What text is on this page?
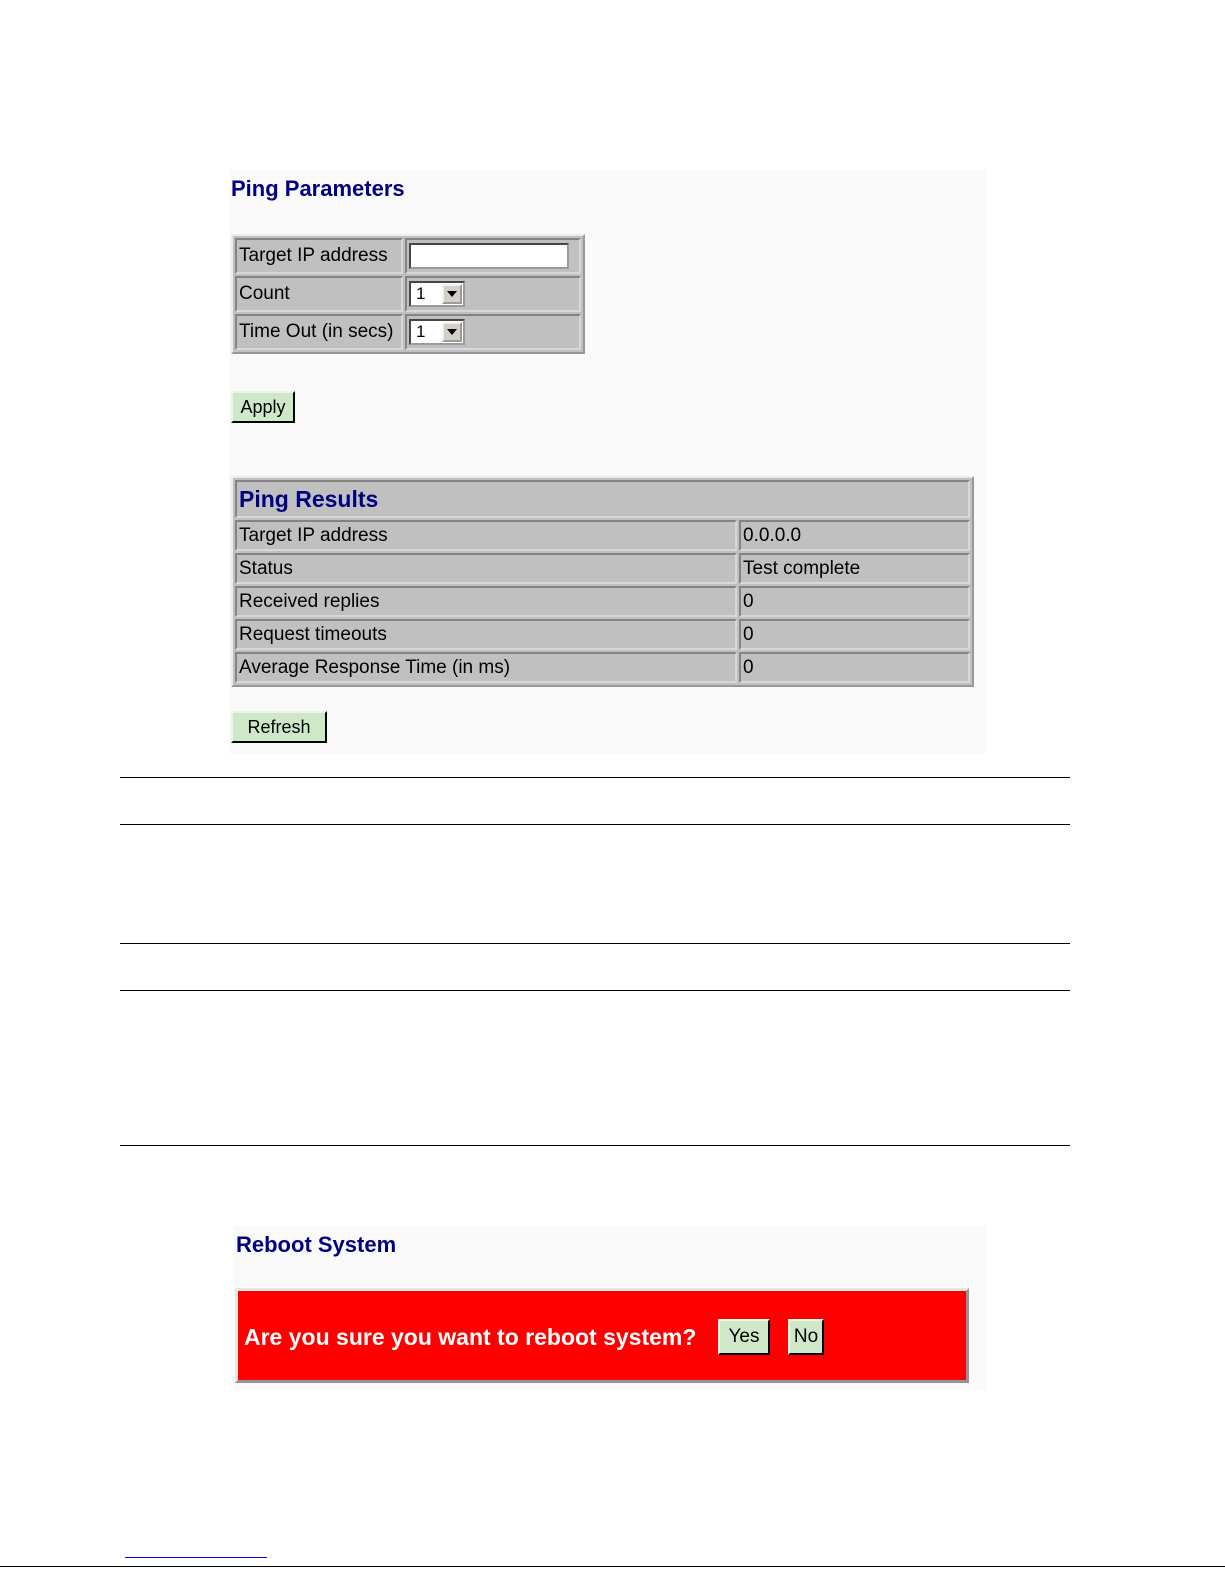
Ping Parameters
Target IP address	
Count	1

Time Out (in secs)	1
Apply
Ping Results	
Target IP address	0.0.0.0
Status	Test complete
Received replies	0
Request timeouts	0
Average Response Time (in ms)	0
Refresh
Reboot System
Are you sure you want to reboot system?	Yes	No
